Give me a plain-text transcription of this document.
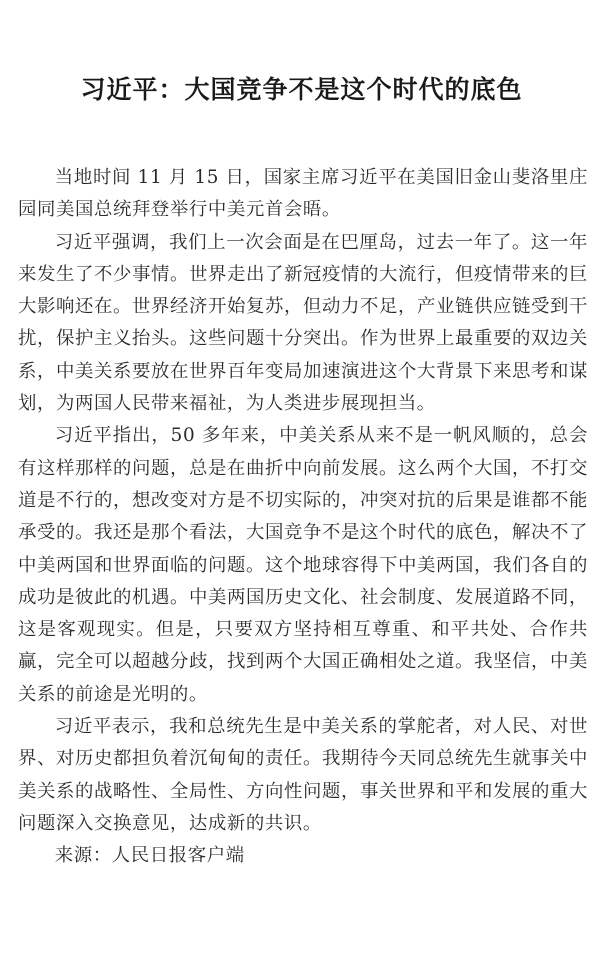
习近平：大国竞争不是这个时代的底色

当地时间 11 月 15 日，国家主席习近平在美国旧金山斐洛里庄园同美国总统拜登举行中美元首会晤。

习近平强调，我们上一次会面是在巴厘岛，过去一年了。这一年来发生了不少事情。世界走出了新冠疫情的大流行，但疫情带来的巨大影响还在。世界经济开始复苏，但动力不足，产业链供应链受到干扰，保护主义抬头。这些问题十分突出。作为世界上最重要的双边关系，中美关系要放在世界百年变局加速演进这个大背景下来思考和谋划，为两国人民带来福祉，为人类进步展现担当。

习近平指出，50 多年来，中美关系从来不是一帆风顺的，总会有这样那样的问题，总是在曲折中向前发展。这么两个大国，不打交道是不行的，想改变对方是不切实际的，冲突对抗的后果是谁都不能承受的。我还是那个看法，大国竞争不是这个时代的底色，解决不了中美两国和世界面临的问题。这个地球容得下中美两国，我们各自的成功是彼此的机遇。中美两国历史文化、社会制度、发展道路不同，这是客观现实。但是，只要双方坚持相互尊重、和平共处、合作共赢，完全可以超越分歧，找到两个大国正确相处之道。我坚信，中美关系的前途是光明的。

习近平表示，我和总统先生是中美关系的掌舵者，对人民、对世界、对历史都担负着沉甸甸的责任。我期待今天同总统先生就事关中美关系的战略性、全局性、方向性问题，事关世界和平和发展的重大问题深入交换意见，达成新的共识。

来源：人民日报客户端
